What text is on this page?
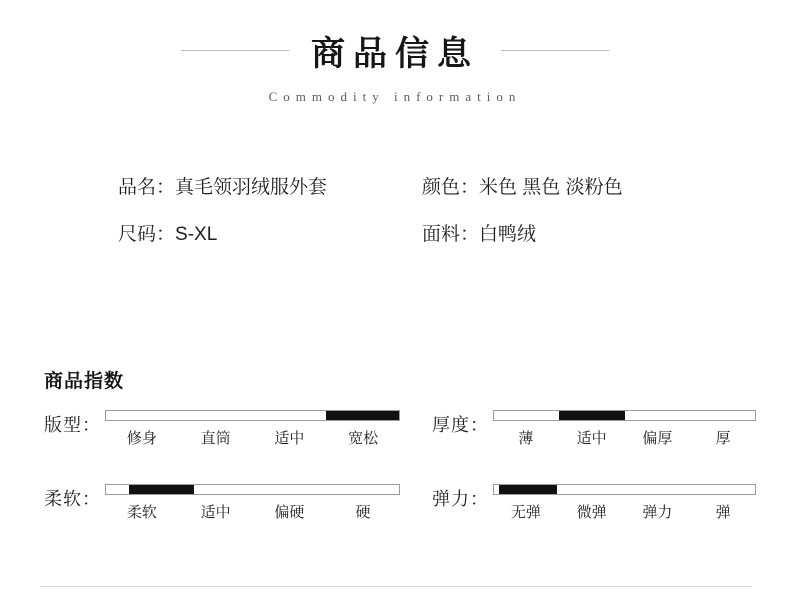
商品信息
Commodity information
品名：真毛领羽绒服外套	颜色：米色 黑色 淡粉色
尺码：S-XL	面料：白鸭绒
商品指数
版型：
修身	直筒	适中	宽松
厚度：
薄	适中	偏厚	厚
柔软：
柔软	适中	偏硬	硬
弹力：
无弹	微弹	弹力	弹
